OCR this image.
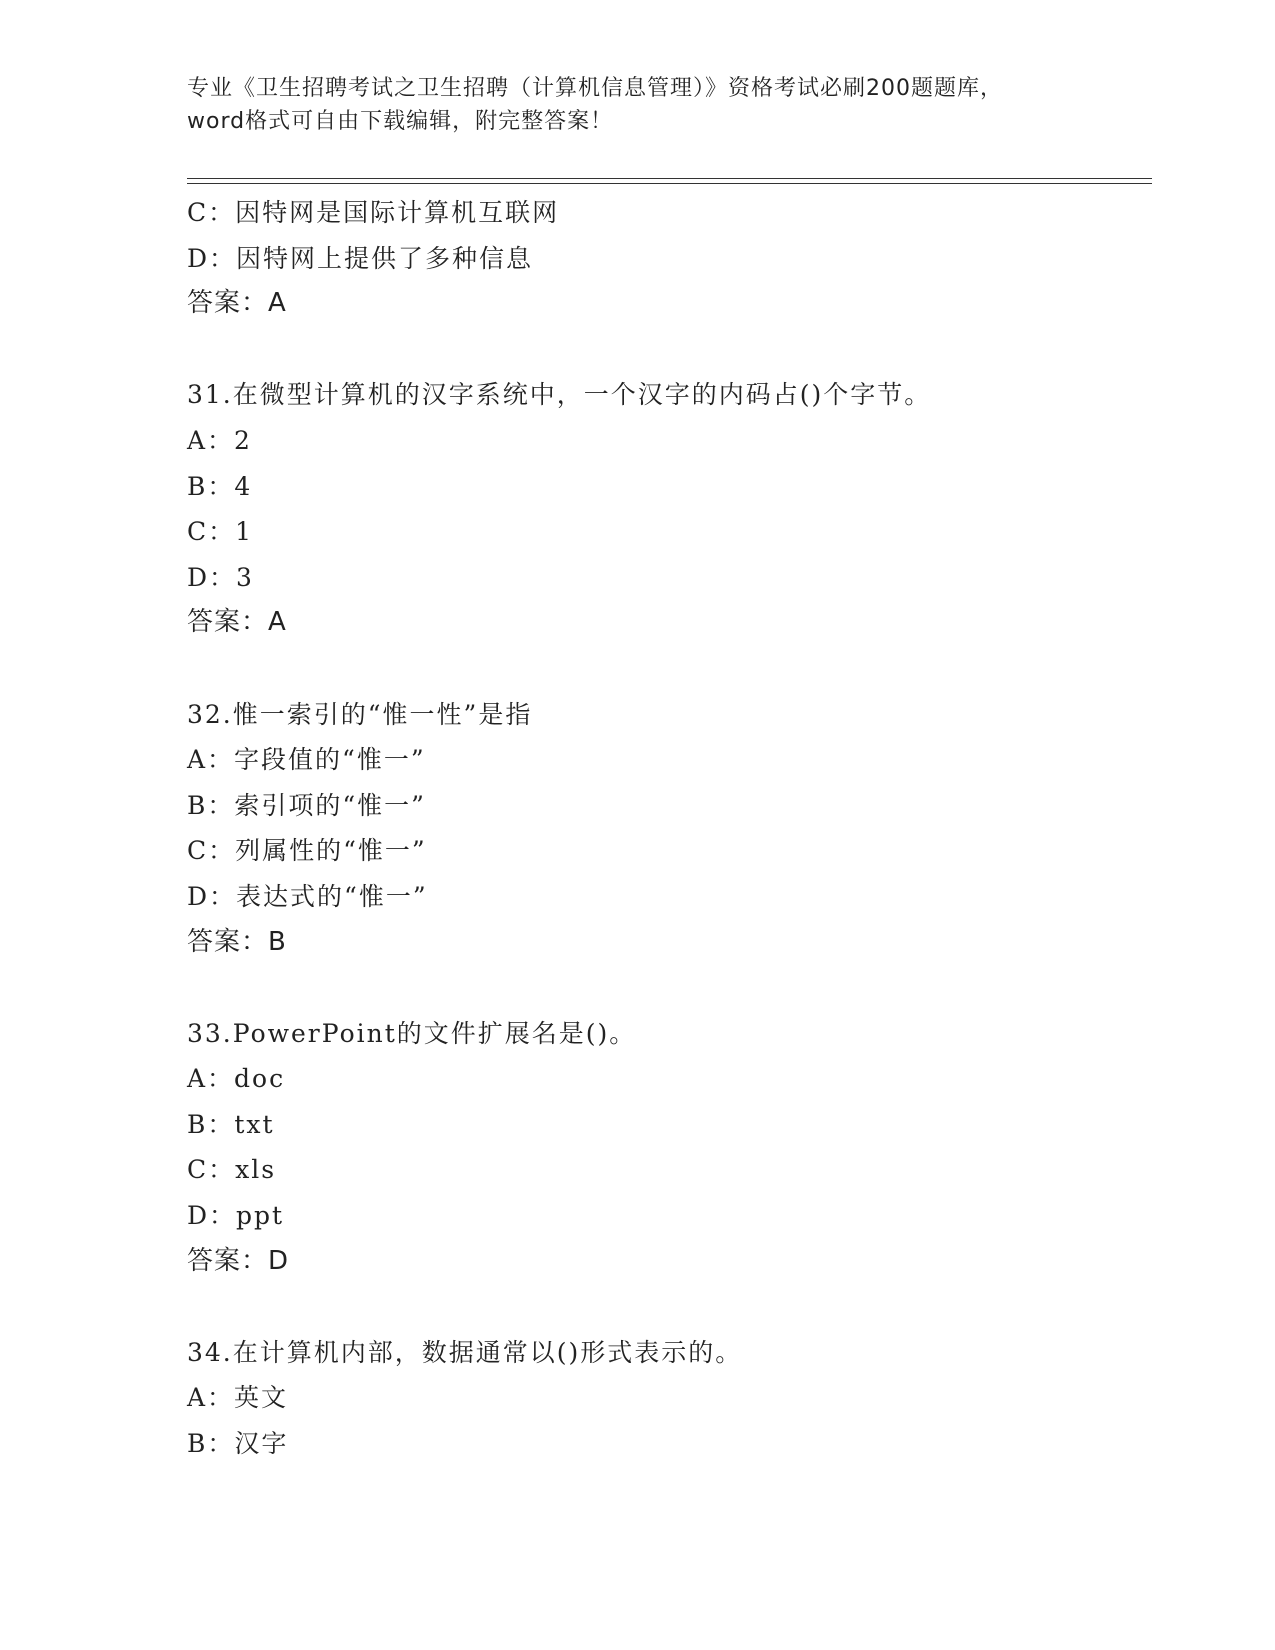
专业《卫生招聘考试之卫生招聘（计算机信息管理）》资格考试必刷200题题库，
word格式可自由下载编辑，附完整答案！
C：因特网是国际计算机互联网
D：因特网上提供了多种信息
答案：A
31.在微型计算机的汉字系统中，一个汉字的内码占()个字节。
A：2
B：4
C：1
D：3
答案：A
32.惟一索引的“惟一性”是指
A：字段值的“惟一”
B：索引项的“惟一”
C：列属性的“惟一”
D：表达式的“惟一”
答案：B
33.PowerPoint的文件扩展名是()。
A：doc
B：txt
C：xls
D：ppt
答案：D
34.在计算机内部，数据通常以()形式表示的。
A：英文
B：汉字
